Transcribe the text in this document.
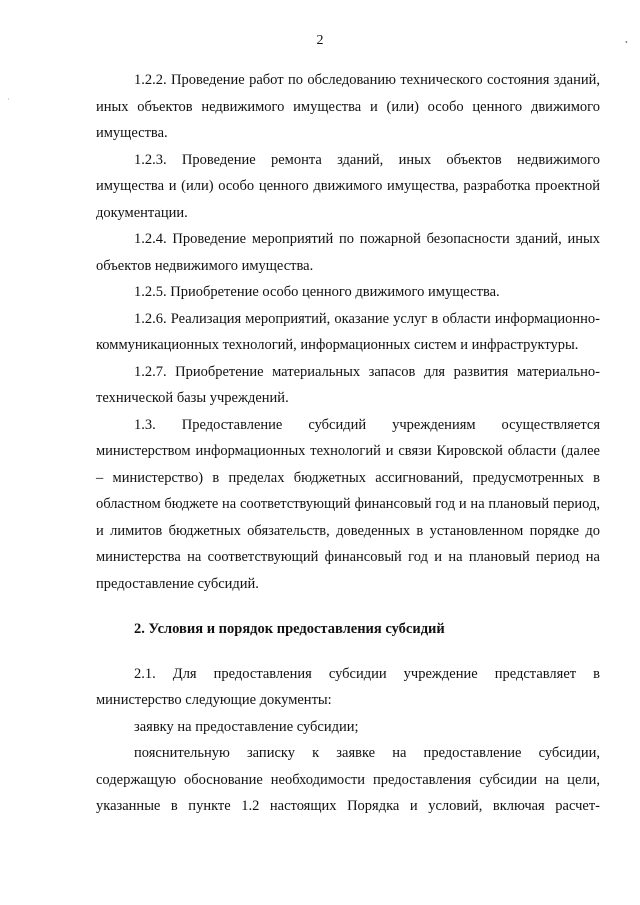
2	•
·

1.2.2. Проведение работ по обследованию технического состояния зданий, иных объектов недвижимого имущества и (или) особо ценного движимого имущества.

1.2.3. Проведение ремонта зданий, иных объектов недвижимого имущества и (или) особо ценного движимого имущества, разработка проектной документации.

1.2.4. Проведение мероприятий по пожарной безопасности зданий, иных объектов недвижимого имущества.

1.2.5. Приобретение особо ценного движимого имущества.

1.2.6. Реализация мероприятий, оказание услуг в области информационно-коммуникационных технологий, информационных систем и инфраструктуры.

1.2.7. Приобретение материальных запасов для развития материально-технической базы учреждений.

1.3. Предоставление субсидий учреждениям осуществляется министерством информационных технологий и связи Кировской области (далее – министерство) в пределах бюджетных ассигнований, предусмотренных в областном бюджете на соответствующий финансовый год и на плановый период, и лимитов бюджетных обязательств, доведенных в установленном порядке до министерства на соответствующий финансовый год и на плановый период на предоставление субсидий.

2. Условия и порядок предоставления субсидий

2.1. Для предоставления субсидии учреждение представляет в министерство следующие документы:

заявку на предоставление субсидии;

пояснительную записку к заявке на предоставление субсидии, содержащую обоснование необходимости предоставления субсидии на цели, указанные в пункте 1.2 настоящих Порядка и условий, включая расчет-
